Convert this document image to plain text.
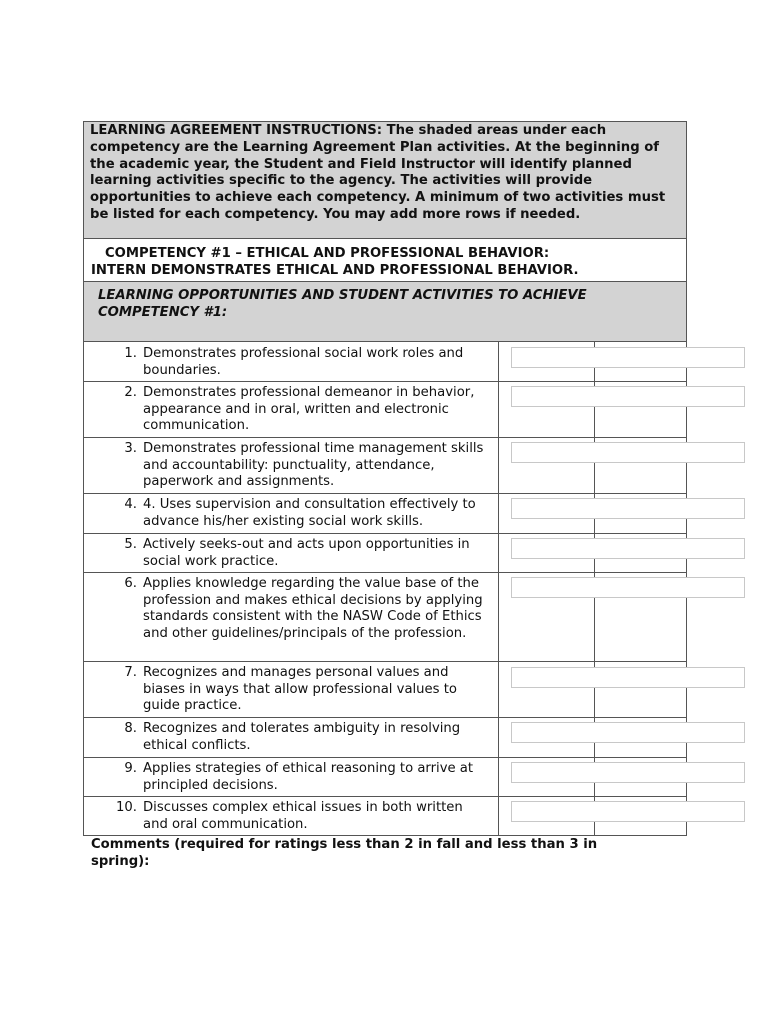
LEARNING AGREEMENT INSTRUCTIONS: The shaded areas under each competency are the Learning Agreement Plan activities. At the beginning of the academic year, the Student and Field Instructor will identify planned learning activities specific to the agency. The activities will provide opportunities to achieve each competency. A minimum of two activities must be listed for each competency. You may add more rows if needed.
COMPETENCY #1 – ETHICAL AND PROFESSIONAL BEHAVIOR:
INTERN DEMONSTRATES ETHICAL AND PROFESSIONAL BEHAVIOR.
LEARNING OPPORTUNITIES AND STUDENT ACTIVITIES TO ACHIEVE COMPETENCY #1:
1. Demonstrates professional social work roles and boundaries.
2. Demonstrates professional demeanor in behavior, appearance and in oral, written and electronic communication.
3. Demonstrates professional time management skills and accountability: punctuality, attendance, paperwork and assignments.
4. 4. Uses supervision and consultation effectively to advance his/her existing social work skills.
5. Actively seeks-out and acts upon opportunities in social work practice.
6. Applies knowledge regarding the value base of the profession and makes ethical decisions by applying standards consistent with the NASW Code of Ethics and other guidelines/principals of the profession.
7. Recognizes and manages personal values and biases in ways that allow professional values to guide practice.
8. Recognizes and tolerates ambiguity in resolving ethical conflicts.
9. Applies strategies of ethical reasoning to arrive at principled decisions.
10. Discusses complex ethical issues in both written and oral communication.
Comments (required for ratings less than 2 in fall and less than 3 in spring):
